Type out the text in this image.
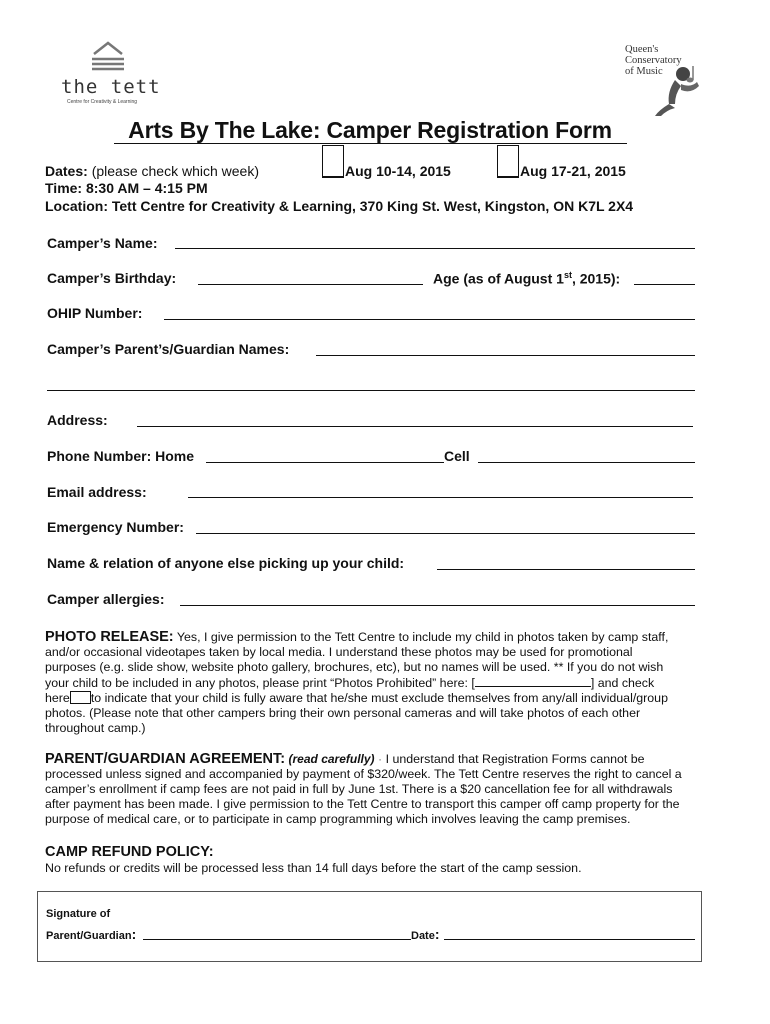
the tett
Centre for Creativity & Learning
Queen's
Conservatory
of Music
Arts By The Lake: Camper Registration Form
Dates: (please check which week)	Aug 10-14, 2015	Aug 17-21, 2015
Time: 8:30 AM – 4:15 PM
Location: Tett Centre for Creativity & Learning, 370 King St. West, Kingston, ON K7L 2X4
Camper’s Name:
Camper’s Birthday:	Age (as of August 1st, 2015):
OHIP Number:
Camper’s Parent’s/Guardian Names:
Address:
Phone Number: Home	Cell
Email address:
Emergency Number:
Name & relation of anyone else picking up your child:
Camper allergies:
PHOTO RELEASE: Yes, I give permission to the Tett Centre to include my child in photos taken by camp staff,
and/or occasional videotapes taken by local media. I understand these photos may be used for promotional
purposes (e.g. slide show, website photo gallery, brochures, etc), but no names will be used. ** If you do not wish
your child to be included in any photos, please print “Photos Prohibited” here: [	] and check
here to indicate that your child is fully aware that he/she must exclude themselves from any/all individual/group
photos. (Please note that other campers bring their own personal cameras and will take photos of each other
throughout camp.)
PARENT/GUARDIAN AGREEMENT: (read carefully) · I understand that Registration Forms cannot be
processed unless signed and accompanied by payment of $320/week. The Tett Centre reserves the right to cancel a
camper’s enrollment if camp fees are not paid in full by June 1st. There is a $20 cancellation fee for all withdrawals
after payment has been made. I give permission to the Tett Centre to transport this camper off camp property for the
purpose of medical care, or to participate in camp programming which involves leaving the camp premises.
CAMP REFUND POLICY:
No refunds or credits will be processed less than 14 full days before the start of the camp session.
Signature of
Parent/Guardian:	Date:
